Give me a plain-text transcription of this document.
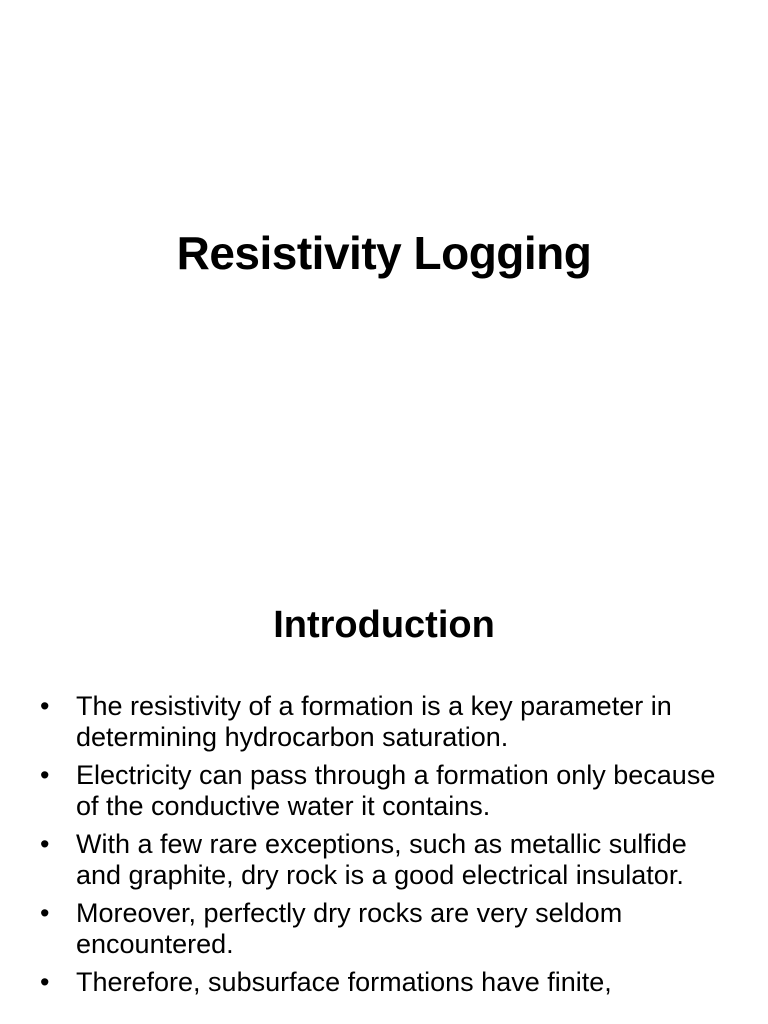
Resistivity Logging
Introduction
• The resistivity of a formation is a key parameter in determining hydrocarbon saturation.
• Electricity can pass through a formation only because of the conductive water it contains.
• With a few rare exceptions, such as metallic sulfide and graphite, dry rock is a good electrical insulator.
• Moreover, perfectly dry rocks are very seldom encountered.
• Therefore, subsurface formations have finite,
